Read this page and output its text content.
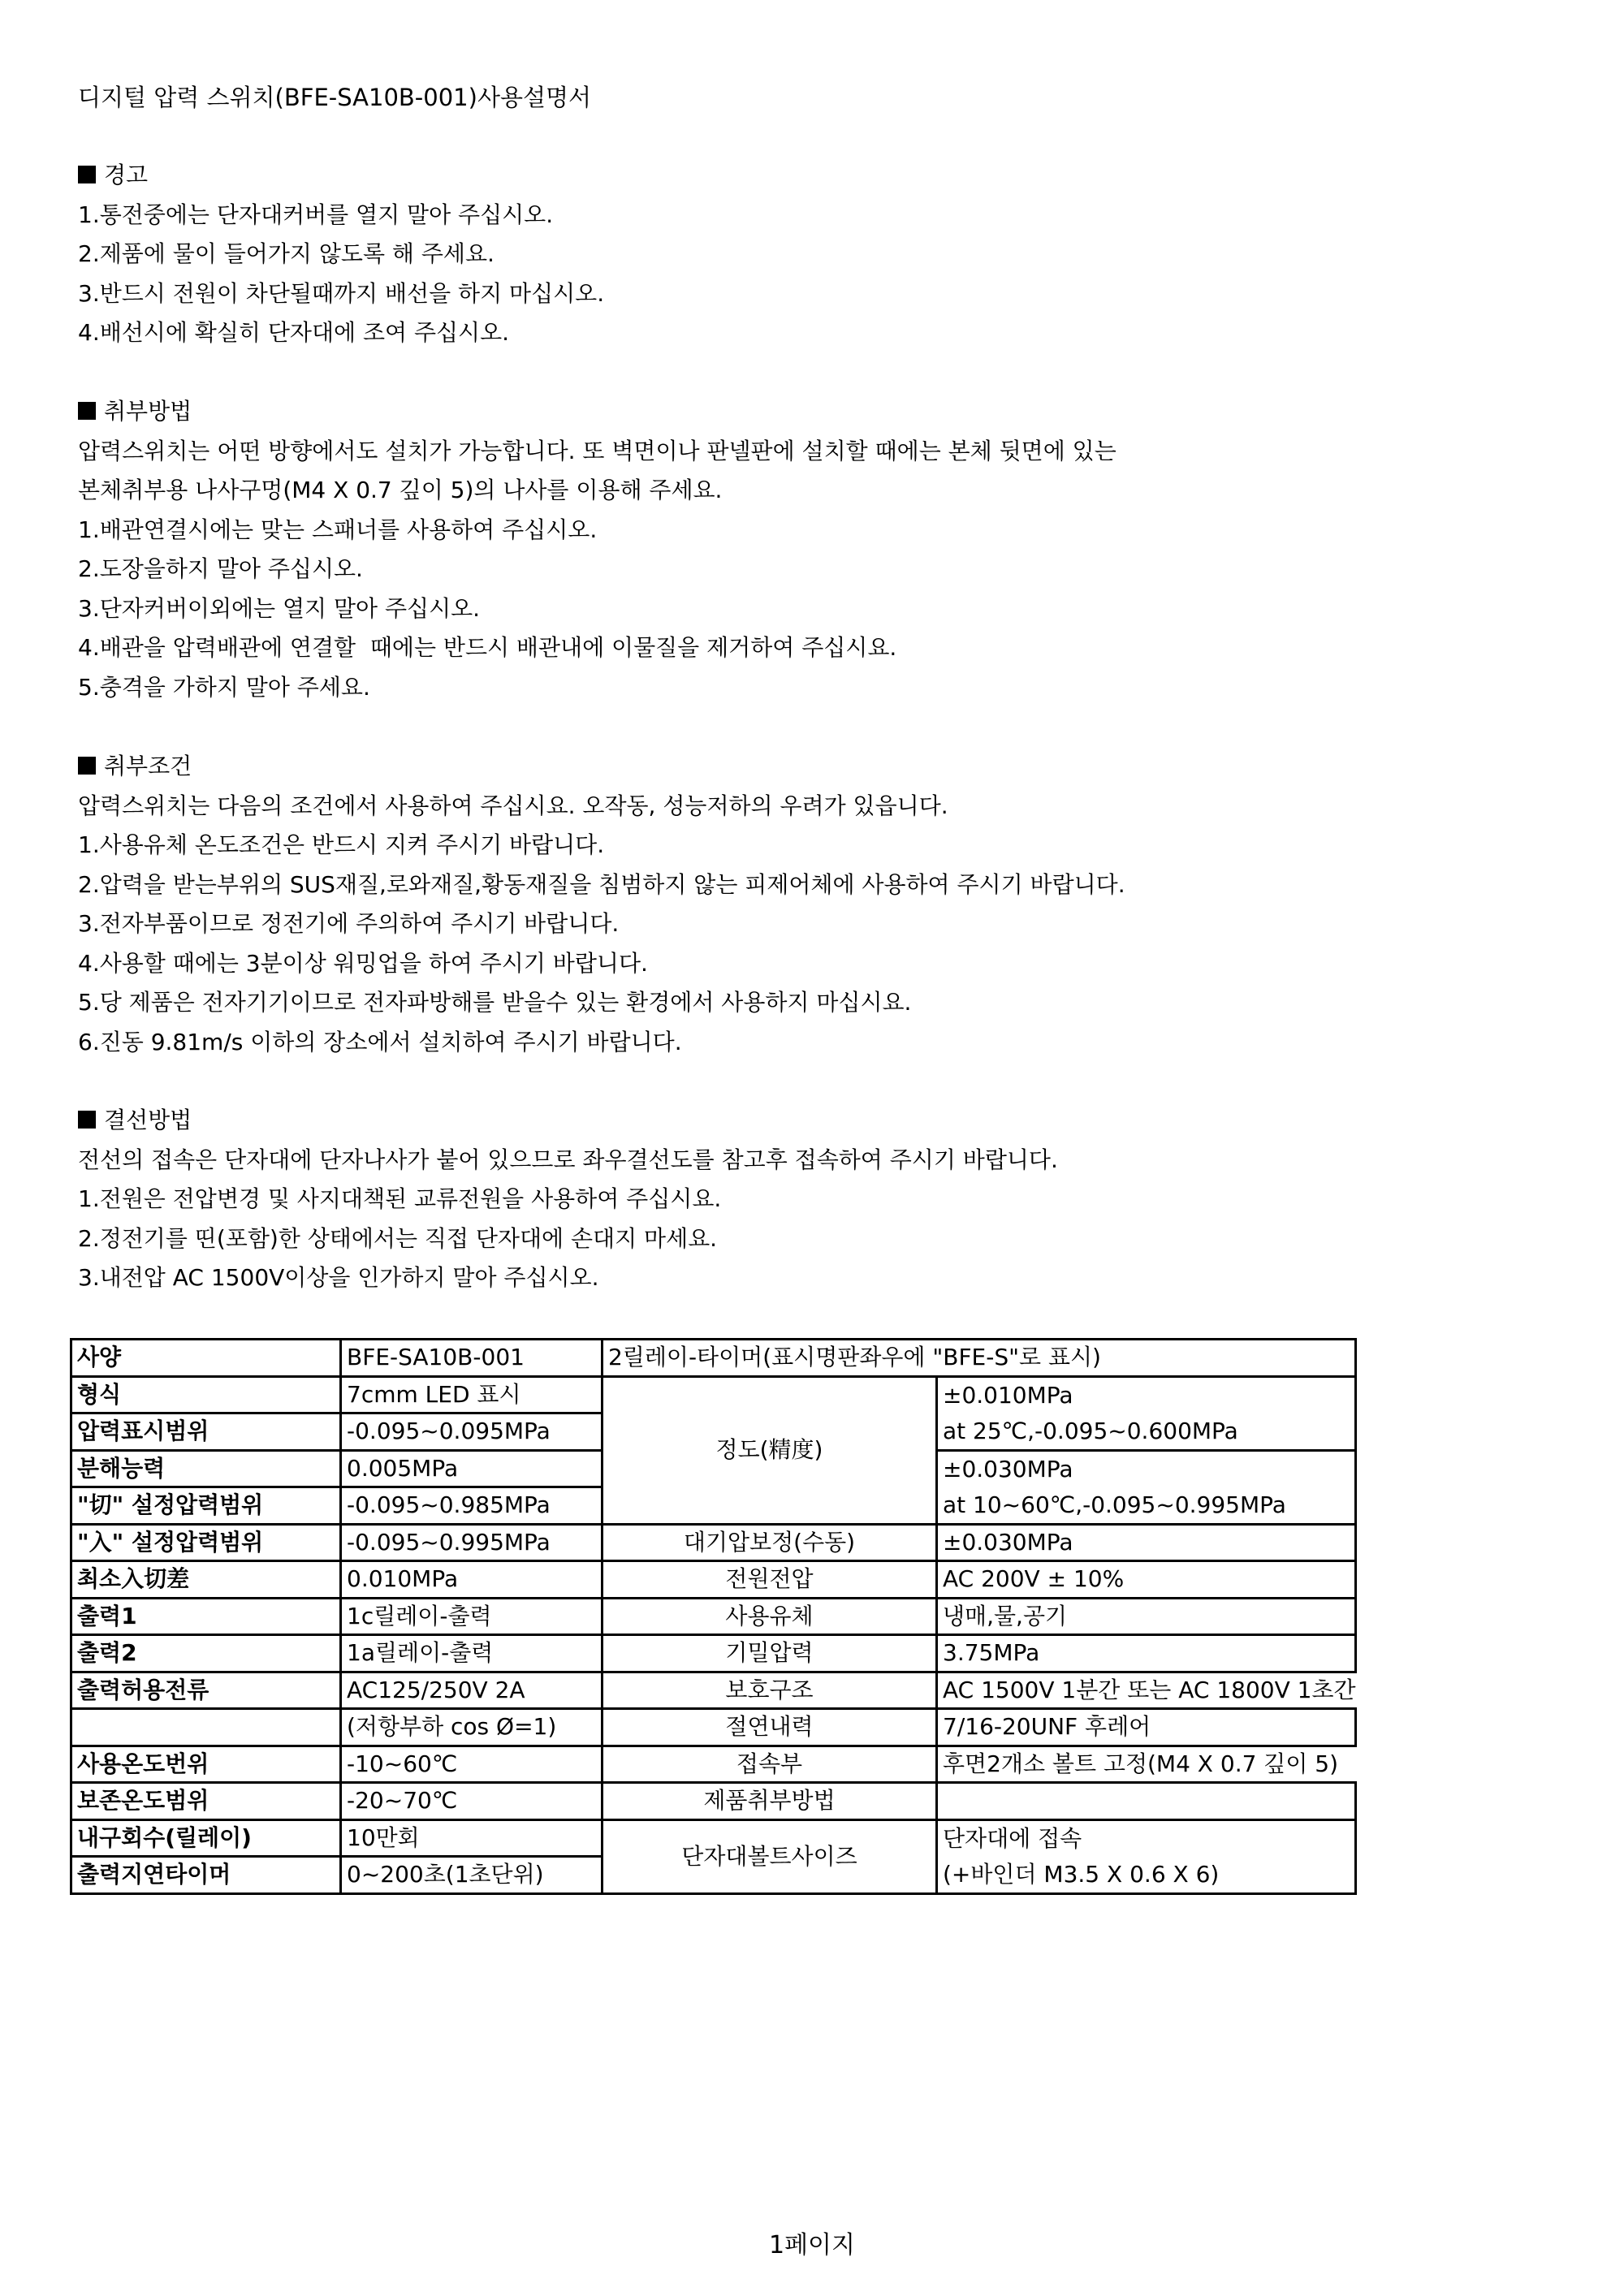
디지털 압력 스위치(BFE-SA10B-001)사용설명서
경고
1.통전중에는 단자대커버를 열지 말아 주십시오.
2.제품에 물이 들어가지 않도록 해 주세요.
3.반드시 전원이 차단될때까지 배선을 하지 마십시오.
4.배선시에 확실히 단자대에 조여 주십시오.
취부방법
압력스위치는 어떤 방향에서도 설치가 가능합니다. 또 벽면이나 판넬판에 설치할 때에는 본체 뒷면에 있는
본체취부용 나사구멍(M4 X 0.7 깊이 5)의 나사를 이용해 주세요.
1.배관연결시에는 맞는 스패너를 사용하여 주십시오.
2.도장을하지 말아 주십시오.
3.단자커버이외에는 열지 말아 주십시오.
4.배관을 압력배관에 연결할  때에는 반드시 배관내에 이물질을 제거하여 주십시요.
5.충격을 가하지 말아 주세요.
취부조건
압력스위치는 다음의 조건에서 사용하여 주십시요. 오작동, 성능저하의 우려가 있읍니다.
1.사용유체 온도조건은 반드시 지켜 주시기 바랍니다.
2.압력을 받는부위의 SUS재질,로와재질,황동재질을 침범하지 않는 피제어체에 사용하여 주시기 바랍니다.
3.전자부품이므로 정전기에 주의하여 주시기 바랍니다.
4.사용할 때에는 3분이상 워밍업을 하여 주시기 바랍니다.
5.당 제품은 전자기기이므로 전자파방해를 받을수 있는 환경에서 사용하지 마십시요.
6.진동 9.81m/s 이하의 장소에서 설치하여 주시기 바랍니다.
결선방법
전선의 접속은 단자대에 단자나사가 붙어 있으므로 좌우결선도를 참고후 접속하여 주시기 바랍니다.
1.전원은 전압변경 및 사지대책된 교류전원을 사용하여 주십시요.
2.정전기를 띤(포함)한 상태에서는 직접 단자대에 손대지 마세요.
3.내전압 AC 1500V이상을 인가하지 말아 주십시오.
사양	BFE-SA10B-001	2릴레이-타이머(표시명판좌우에 "BFE-S"로 표시)	
형식	7cmm LED 표시	정도(精度)	±0.010MPa
압력표시범위	-0.095~0.095MPa		at 25℃,-0.095~0.600MPa
분해능력	0.005MPa		±0.030MPa
"切" 설정압력범위	-0.095~0.985MPa		at 10~60℃,-0.095~0.995MPa
"入" 설정압력범위	-0.095~0.995MPa	대기압보정(수동)	±0.030MPa
최소入切差	0.010MPa	전원전압	AC 200V ± 10%
출력1	1c릴레이-출력	사용유체	냉매,물,공기
출력2	1a릴레이-출력	기밀압력	3.75MPa
출력허용전류	AC125/250V 2A	보호구조	AC 1500V 1분간 또는 AC 1800V 1초간
	(저항부하 cos Ø=1)	절연내력	7/16-20UNF 후레어
사용온도번위	-10~60℃	접속부	후면2개소 볼트 고정(M4 X 0.7 깊이 5)
보존온도범위	-20~70℃	제품취부방법	
내구회수(릴레이)	10만회	단자대볼트사이즈	단자대에 접속
출력지연타이머	0~200초(1초단위)		(+바인더 M3.5 X 0.6 X 6)
1페이지
